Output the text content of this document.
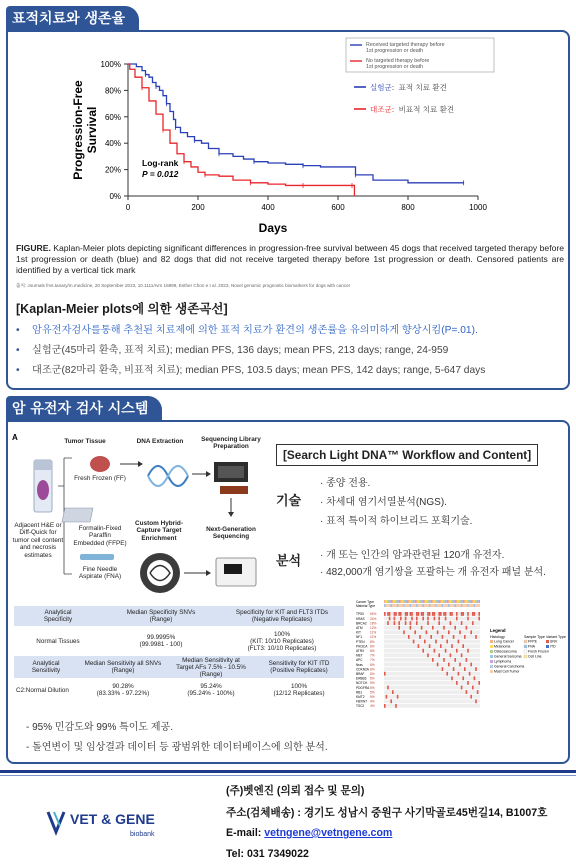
표적치료와 생존율
0%
20%
40%
60%
80%
100%
0	200	400	600	800	1000
Days
Progression-Free Survival
Log-rank
P = 0.012
Received targeted therapy before
1st progression or death
No targeted therapy before
1st progression or death
실험군: 표적 치료 환견
대조군: 비표적 치료 환견
FIGURE. Kaplan-Meier plots depicting significant differences in progression-free survival between 45 dogs that received targeted therapy before 1st progression or death (blue) and 82 dogs that did not receive targeted therapy before 1st progression or death. Censored patients are identified by a vertical tick mark
출처: Journals frvs.tanary/m.medicine, 20 September 2023, 10.1111/rvm 16899, Esther Chon e t al. 2023, Novel genomic prognostic biomarkers for dogs with cancer
[Kaplan-Meier plots에 의한 생존곡선]
• 암유전자검사를통해 추천된 치료제에 의한 표적 치료가 환견의 생존률을 유의미하게 향상시킴(P=.01).
• 실험군(45마리 환축, 표적 치료); median PFS, 136 days; mean PFS, 213 days; range, 24-959
• 대조군(82마리 환축, 비표적 치료); median PFS, 103.5 days; mean PFS, 142 days; range, 5-647 days
암 유전자 검사 시스템
A	Tumor Tissue	DNA Extraction	Sequencing Library
Preparation
Adjacent H&E or
Diff-Quick for
tumor cell content
and necrosis
estimates
Fresh Frozen (FF)
Formalin-Fixed
Paraffin
Embedded (FFPE)
Fine Needle
Aspirate (FNA)
Custom Hybrid-
Capture Target
Enrichment
Next-Generation
Sequencing
[Search Light DNA™ Workflow and Content]
기술
· 종양 전용.
· 차세대 염기서열분석(NGS).
· 표적 특이적 하이브리드 포획기술.
분석 · 개 또는 인간의 암과관련된 120개 유전자.
· 482,000개 염기쌍을 포괄하는 개 유전자 패널 분석.
Analytical
Specificity	Median Specificity SNVs
(Range)	Specificity for KIT and FLT3 ITDs
(Negative Replicates)
Normal Tissues	99.9995%
(99.9981 - 100)	100%
(KIT: 10/10 Replicates)
(FLT3: 10/10 Replicates)
Analytical
Sensitivity	Median Sensitivity all SNVs
(Range)	Median Sensitivity at
Target AFs 7.5% - 10.5%
(Range)	Sensitivity for KIT ITD
(Positive Replicates)
C2:Normal Dilution	90.28%
(83.33% - 97.22%)	95.24%
(95.24% - 100%)	100%
(12/12 Replicates)
Cancer Type
Material Type
TP53 54%
KRAS 24%
BRCA2 18%
ATM 12%
KIT	11%
NF1 11%
PTEN 8%
PIK3CA 8%
ATRX 8%
MET 7%
APC 7%
Nras 6%
CDKN2A 6%
BRAF 6%
ERBB3 5%
NOTCH 5%
PDGFRA 5%
RB1 5%
KMT2 5%
FBXW7 4%
TSC2 4%
Legend
Histology
Lung Cancer
Melanoma
Osteosarcoma
General Sarcoma
Lymphoma
General Carcinoma
Mast Cell Tumor
Sample Type
FFPE
FNA
Fresh Frozen
Cell Line
Variant Type
SNV
ITD
- 95% 민감도와 99% 특이도 제공.
- 돌연변이 및 임상결과 데이터 등 광범위한 데이터베이스에 의한 분석.
VET & GENE
biobank
(주)벳엔진 (의뢰 접수 및 문의)
주소(검체배송) : 경기도 성남시 중원구 사기막골로45번길14, B1007호
E-mail: vetngene@vetngene.com
Tel: 031 7349022
